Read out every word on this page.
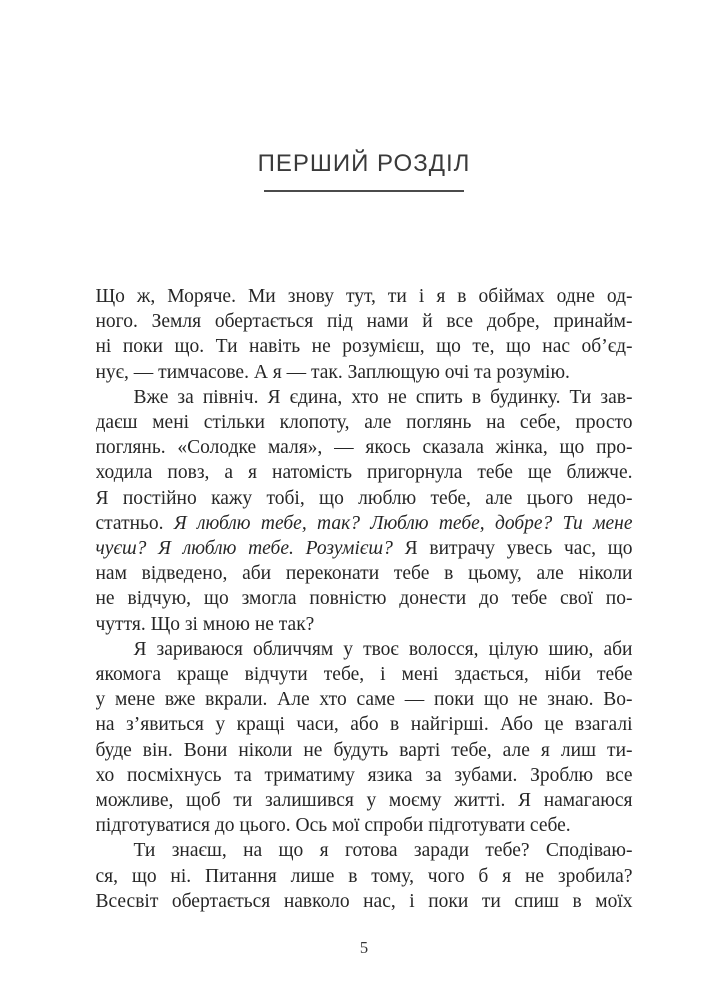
ПЕРШИЙ РОЗДІЛ
Що ж, Моряче. Ми знову тут, ти і я в обіймах одне од-
ного. Земля обертається під нами й все добре, принайм-
ні поки що. Ти навіть не розумієш, що те, що нас об’єд-
нує, — тимчасове. А я — так. Заплющую очі та розумію.
Вже за північ. Я єдина, хто не спить в будинку. Ти зав-
даєш мені стільки клопоту, але поглянь на себе, просто
поглянь. «Солодке маля», — якось сказала жінка, що про-
ходила повз, а я натомість пригорнула тебе ще ближче.
Я постійно кажу тобі, що люблю тебе, але цього недо-
статньо. Я люблю тебе, так? Люблю тебе, добре? Ти мене
чуєш? Я люблю тебе. Розумієш? Я витрачу увесь час, що
нам відведено, аби переконати тебе в цьому, але ніколи
не відчую, що змогла повністю донести до тебе свої по-
чуття. Що зі мною не так?
Я зариваюся обличчям у твоє волосся, цілую шию, аби
якомога краще відчути тебе, і мені здається, ніби тебе
у мене вже вкрали. Але хто саме — поки що не знаю. Во-
на з’явиться у кращі часи, або в найгірші. Або це взагалі
буде він. Вони ніколи не будуть варті тебе, але я лиш ти-
хо посміхнусь та триматиму язика за зубами. Зроблю все
можливе, щоб ти залишився у моєму житті. Я намагаюся
підготуватися до цього. Ось мої спроби підготувати себе.
Ти знаєш, на що я готова заради тебе? Сподіваю-
ся, що ні. Питання лише в тому, чого б я не зробила?
Всесвіт обертається навколо нас, і поки ти спиш в моїх
5
